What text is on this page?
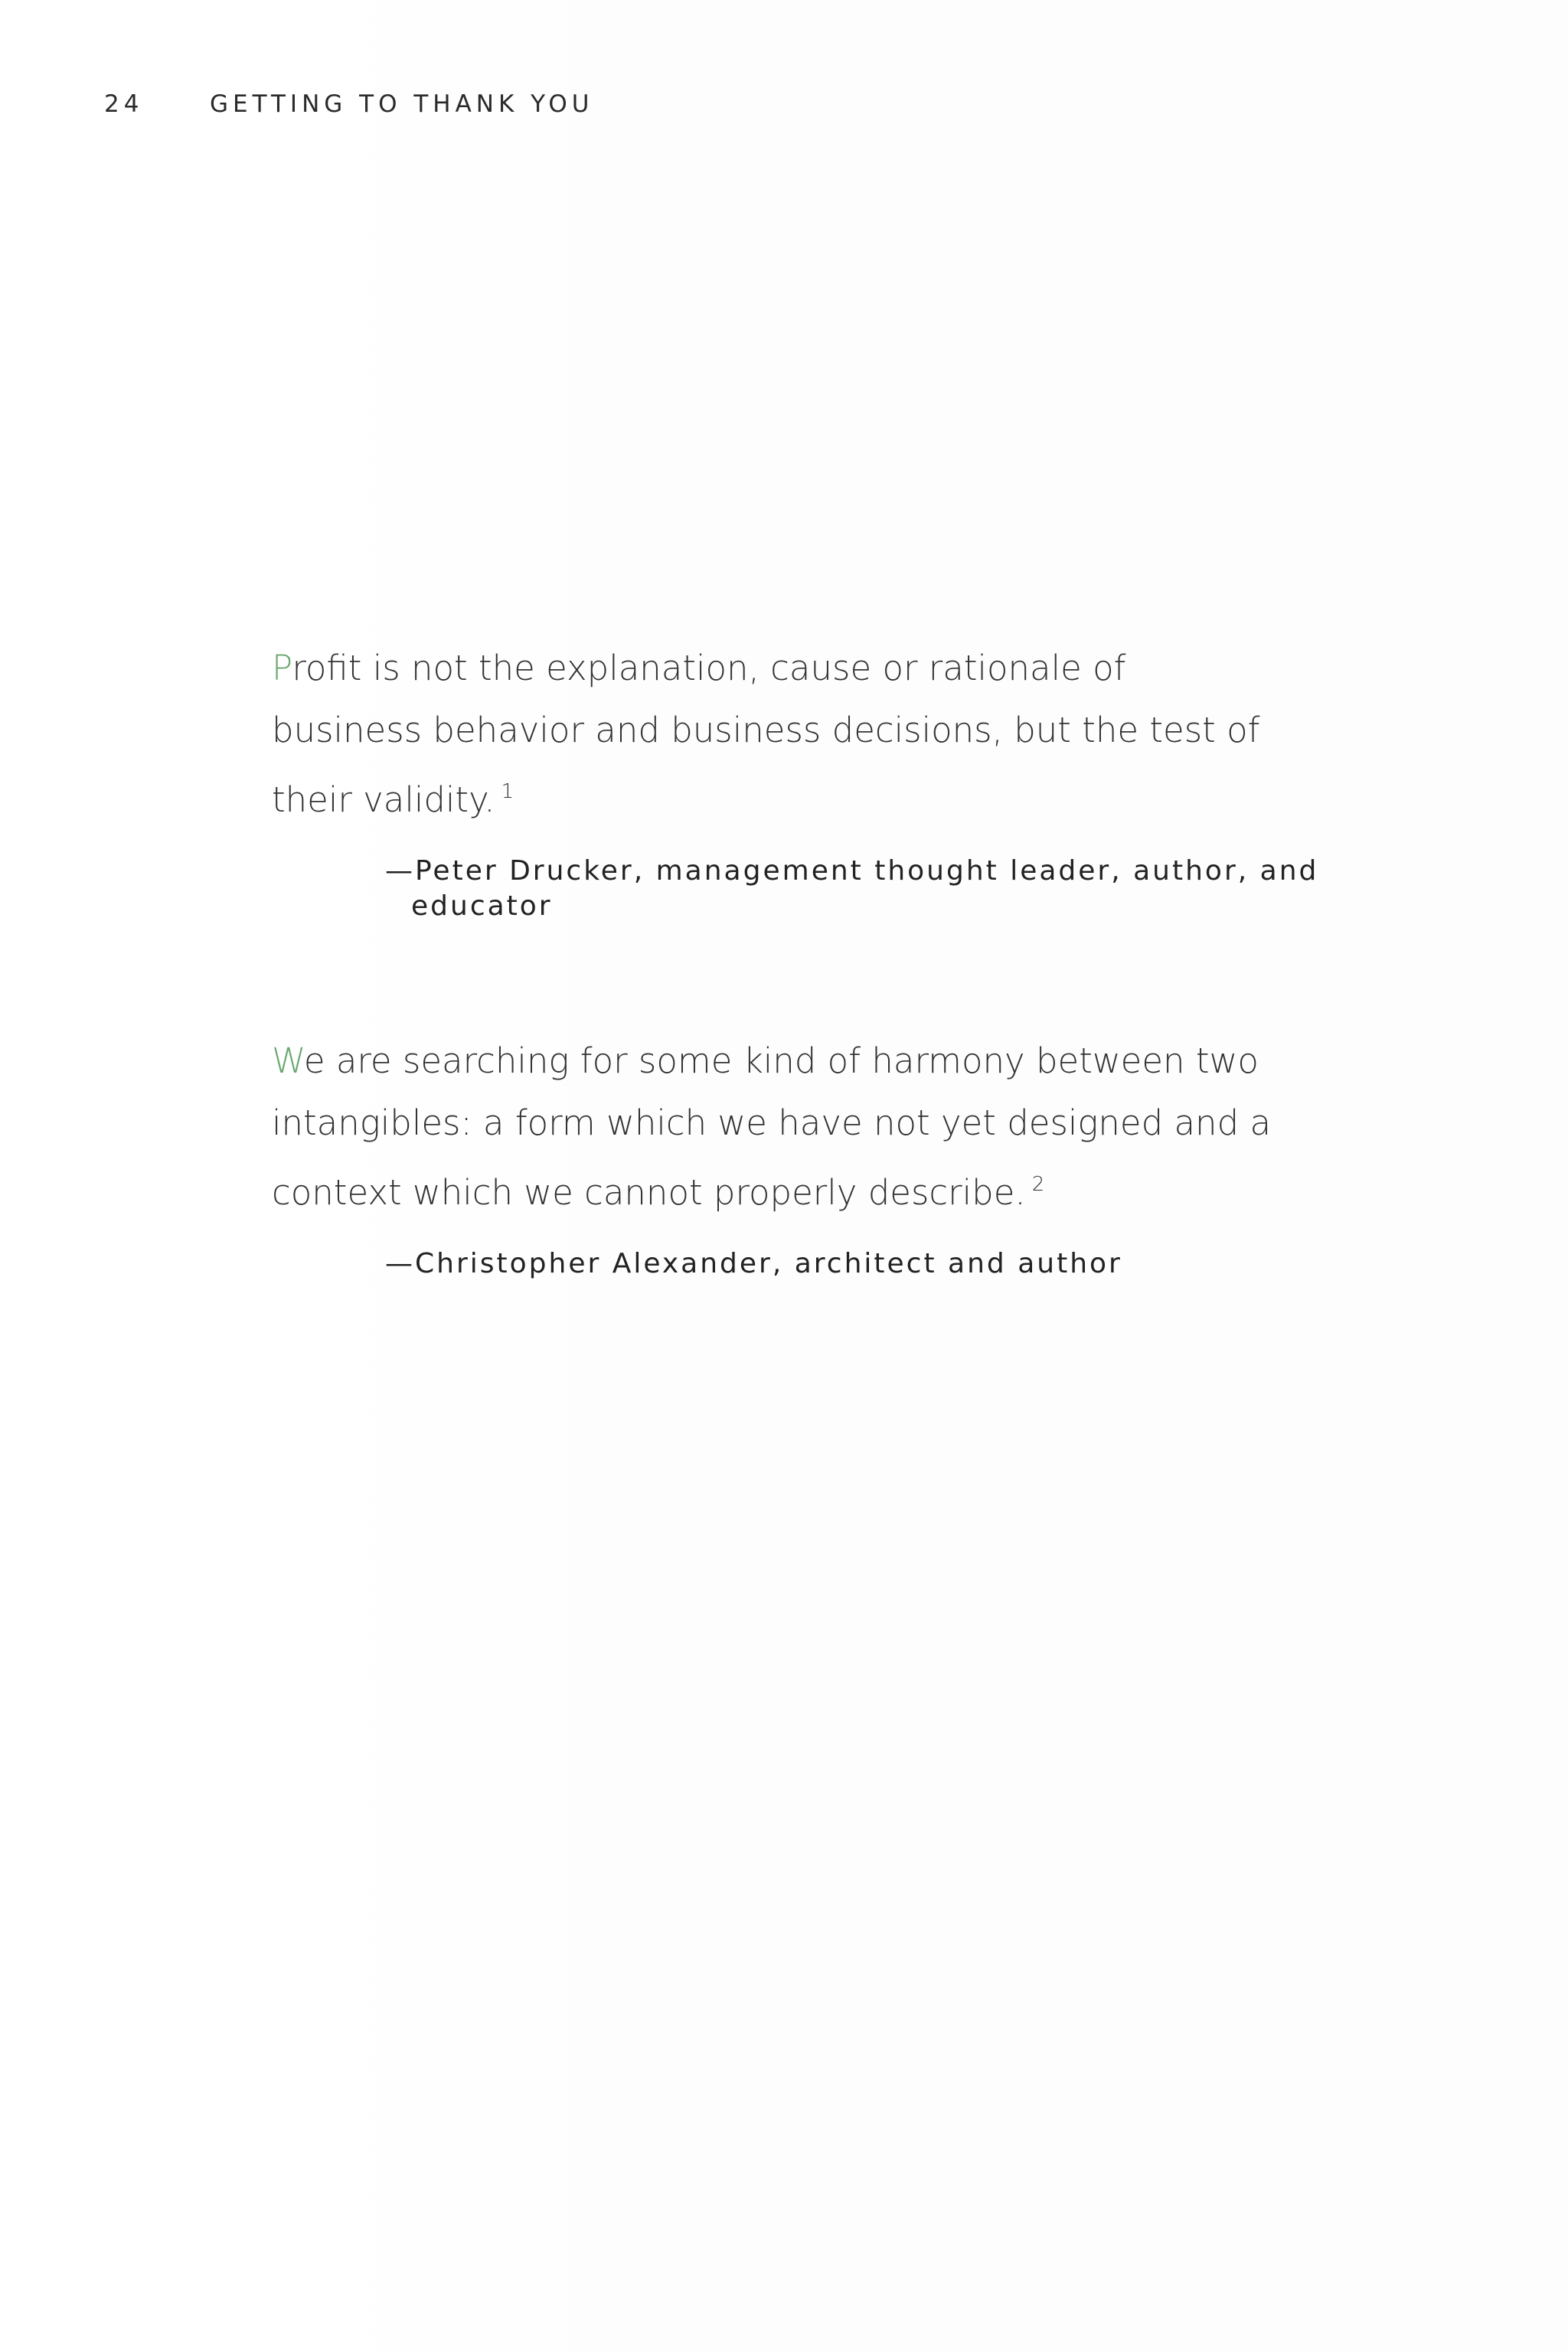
24	GETTING TO THANK YOU

Profit is not the explanation, cause or rationale of
business behavior and business decisions, but the test of
their validity. $^1$

—Peter Drucker, management thought leader, author, and
educator

We are searching for some kind of harmony between two
intangibles: a form which we have not yet designed and a
context which we cannot properly describe. $^2$

—Christopher Alexander, architect and author
